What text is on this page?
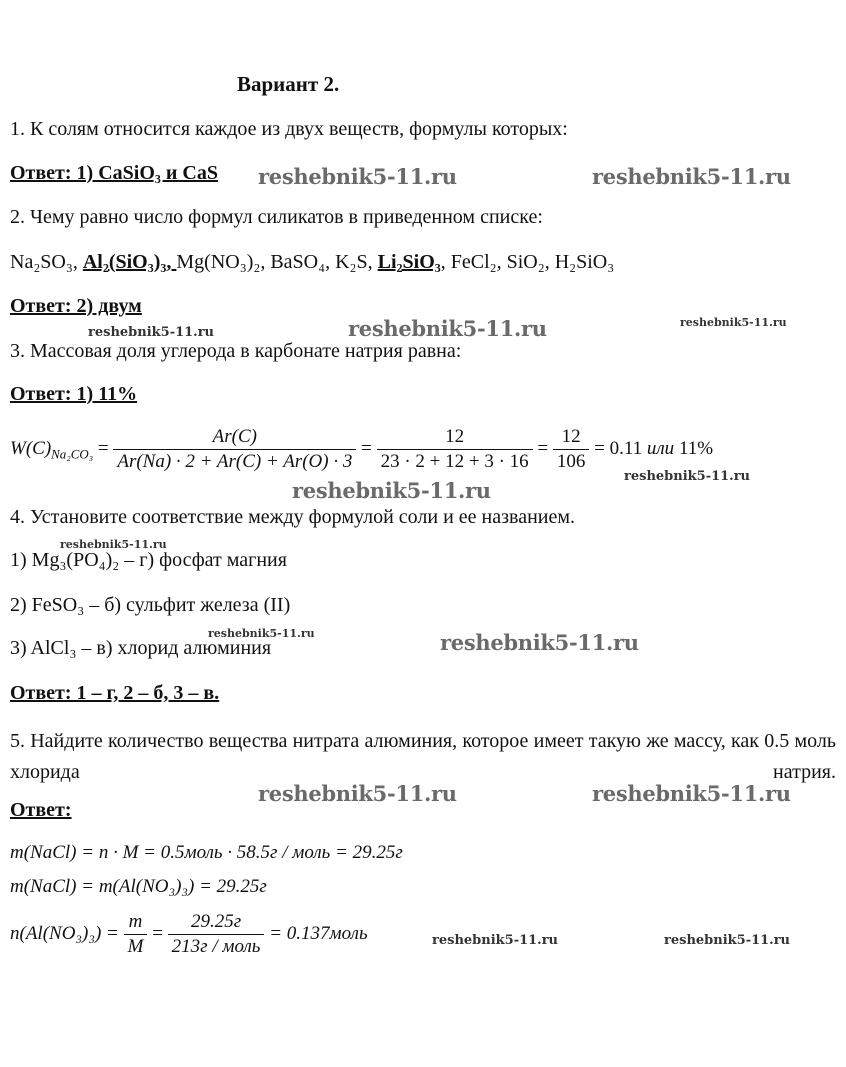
Вариант 2.
1. К солям относится каждое из двух веществ, формулы которых:
Ответ: 1) CaSiO₃ и CaS reshebnik5-11.ru	reshebnik5-11.ru
2. Чему равно число формул силикатов в приведенном списке:
Na₂SO₃, Al₂(SiO₃)₃, Mg(NO₃)₂, BaSO₄, K₂S, Li₂SiO₃, FeCl₂, SiO₂, H₂SiO₃
Ответ: 2) двум
reshebnik5-11.ru	reshebnik5-11.ru	reshebnik5-11.ru
3. Массовая доля углерода в карбонате натрия равна:
Ответ: 1) 11%
$W(C)_{Na_2CO_3} = \frac{Ar(C)}{Ar(Na) \cdot 2 + Ar(C) + Ar(O) \cdot 3} = \frac{12}{23 \cdot 2 + 12 + 3 \cdot 16} = \frac{12}{106} = 0.11$ или 11%
reshebnik5-11.ru
reshebnik5-11.ru
4. Установите соответствие между формулой соли и ее названием.
reshebnik5-11.ru
1) Mg₃(PO₄)₂ – г) фосфат магния
2) FeSO₃ – б) сульфит железа (II)
reshebnik5-11.ru
3) AlCl₃ – в) хлорид алюминия	reshebnik5-11.ru
Ответ: 1 – г, 2 – б, 3 – в.
5. Найдите количество вещества нитрата алюминия, которое имеет такую же массу, как 0.5 моль хлорида натрия.
reshebnik5-11.ru	reshebnik5-11.ru
Ответ:
m(NaCl) = n · M = 0.5моль · 58.5г / моль = 29.25г
m(NaCl) = m(Al(NO₃)₃) = 29.25г
$n(Al(NO_3)_3) = \frac{m}{M} = \frac{29.25г}{\text{213г / моль}}$ = 0.137моль	reshebnik5-11.ru	reshebnik5-11.ru
